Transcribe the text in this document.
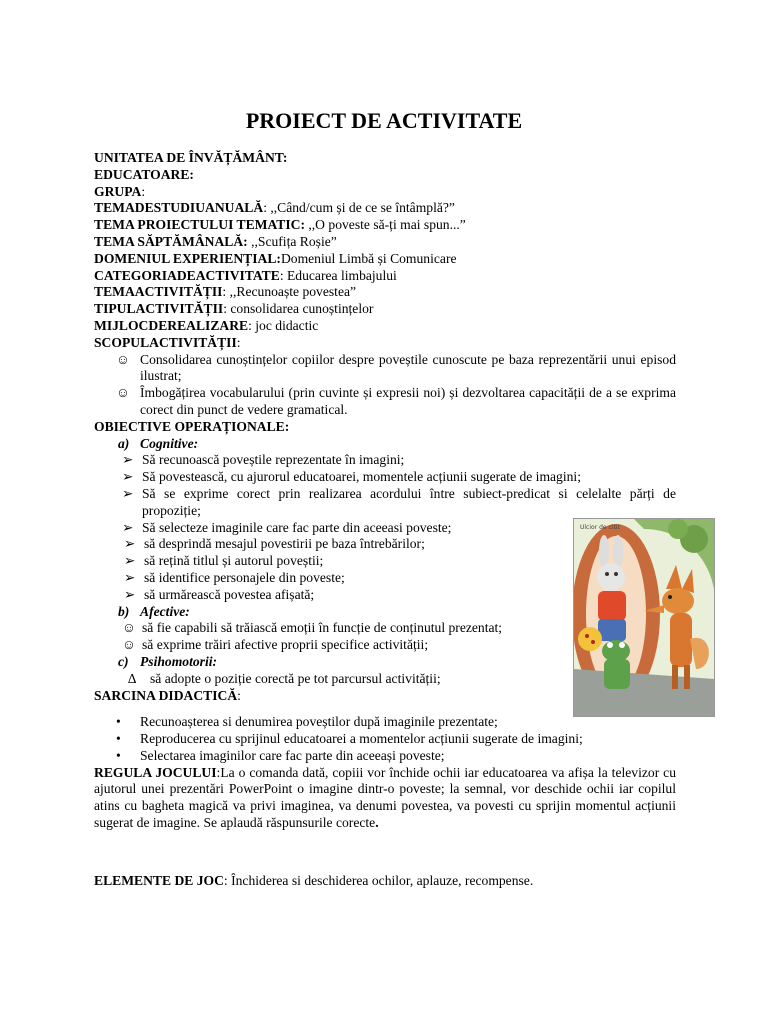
PROIECT DE ACTIVITATE
UNITATEA DE ÎNVĂȚĂMÂNT:
EDUCATOARE:
GRUPA:
TEMADESTUDIUANUALĂ: ,,Când/cum și de ce se întâmplă?”
TEMA PROIECTULUI TEMATIC: ,,O poveste să-ți mai spun...”
TEMA SĂPTĂMÂNALĂ: ,,Scufița Roșie”
DOMENIUL EXPERIENȚIAL:Domeniul Limbă și Comunicare
CATEGORIADEACTIVITATE: Educarea limbajului
TEMAACTIVITĂȚII: ,,Recunoaște povestea”
TIPULACTIVITĂȚII: consolidarea cunoștințelor
MIJLOCDEREALIZARE: joc didactic
SCOPULACTIVITĂȚII:
☺ Consolidarea cunoștințelor copiilor despre poveștile cunoscute pe baza reprezentării unui episod ilustrat;
☺ Îmbogățirea vocabularului (prin cuvinte și expresii noi) și dezvoltarea capacității de a se exprima corect din punct de vedere gramatical.
OBIECTIVE OPERAȚIONALE:
a) Cognitive:
➢ Să recunoască poveștile reprezentate în imagini;
➢ Să povestească, cu ajurorul educatoarei, momentele acțiunii sugerate de imagini;
➢ Să se exprime corect prin realizarea acordului între subiect-predicat si celelalte părți de propoziție;
➢ Să selecteze imaginile care fac parte din aceeasi poveste;
➢ să desprindă mesajul povestirii pe baza întrebărilor;
➢ să rețină titlul și autorul poveștii;
➢ să identifice personajele din poveste;
➢ să urmărească povestea afișată;
b) Afective:
☺ să fie capabili să trăiască emoții în funcție de conținutul prezentat;
☺ să exprime trăiri afective proprii specifice activității;
c) Psihomotorii:
∆ să adopte o poziție corectă pe tot parcursul activității;
SARCINA DIDACTICĂ:
• Recunoașterea si denumirea poveștilor după imaginile prezentate;
• Reproducerea cu sprijinul educatoarei a momentelor acțiunii sugerate de imagini;
• Selectarea imaginilor care fac parte din aceeași poveste;
REGULA JOCULUI:La o comanda dată, copiii vor închide ochii iar educatoarea va afișa la televizor cu ajutorul unei prezentări PowerPoint o imagine dintr-o poveste; la semnal, vor deschide ochii iar copilul atins cu bagheta magică va privi imaginea, va denumi povestea, va povesti cu sprijin momentul acțiunii sugerat de imagine. Se aplaudă răspunsurile corecte.
ELEMENTE DE JOC: Închiderea si deschiderea ochilor, aplauze, recompense.
Ulcior de citit
